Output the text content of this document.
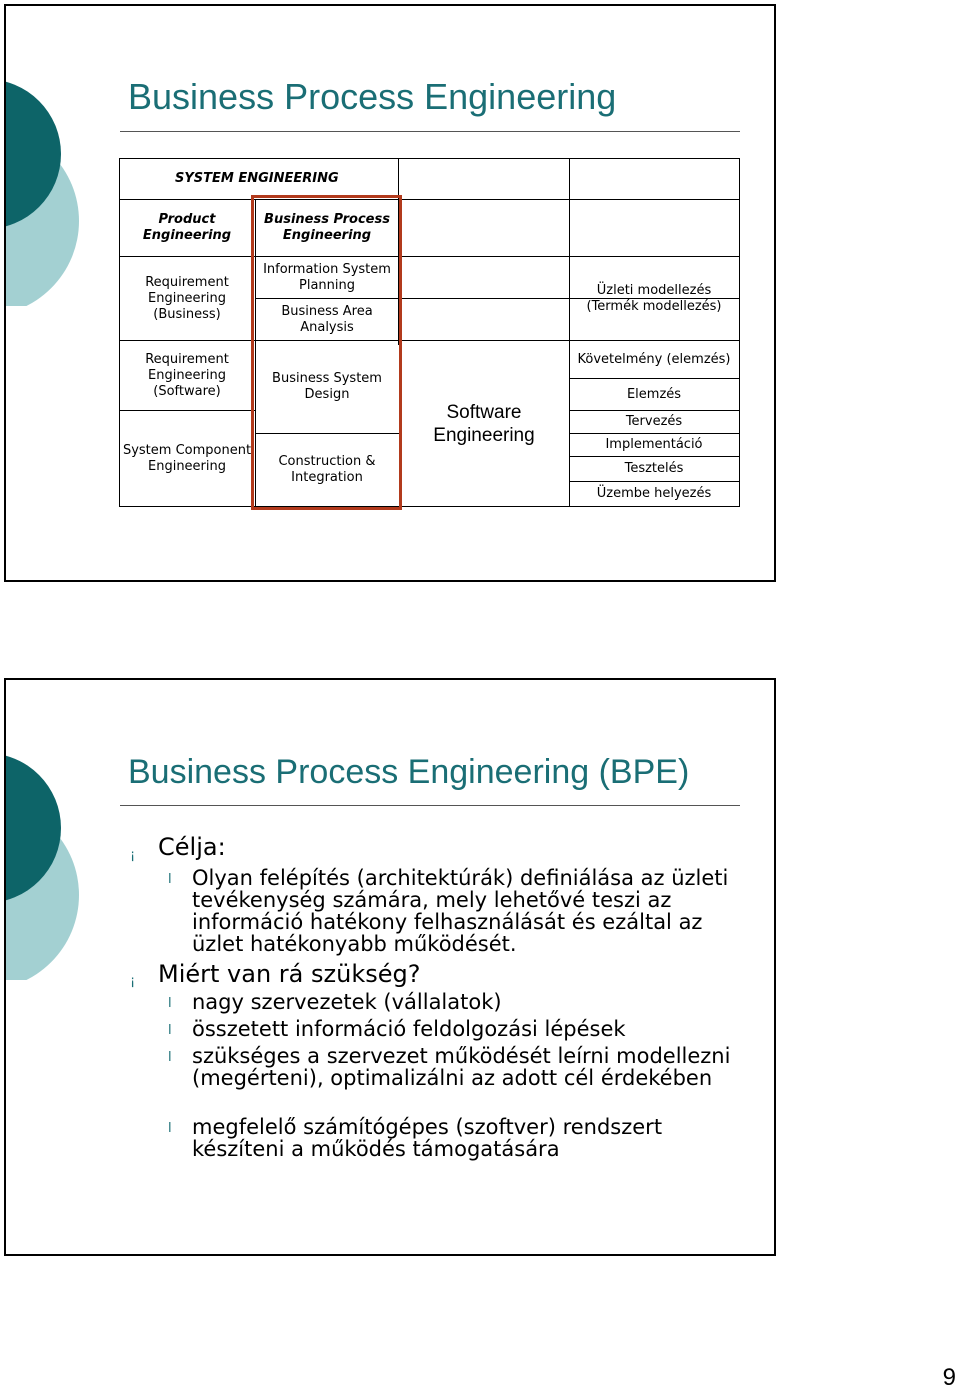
Business Process Engineering
SYSTEM ENGINEERING
Product Engineering
Business Process Engineering
Requirement Engineering (Business)
Information System Planning
Business Area Analysis
Üzleti modellezés (Termék modellezés)
Requirement Engineering (Software)
System Component Engineering
Business System Design
Construction & Integration
Software Engineering
Követelmény (elemzés)
Elemzés
Tervezés
Implementáció
Tesztelés
Üzembe helyezés
Business Process Engineering (BPE)
¡ Célja:
l Olyan felépítés (architektúrák) definiálása az üzleti tevékenység számára, mely lehetővé teszi az információ hatékony felhasználását és ezáltal az üzlet hatékonyabb működését.
¡ Miért van rá szükség?
l nagy szervezetek (vállalatok)
l összetett információ feldolgozási lépések
l szükséges a szervezet működését leírni modellezni (megérteni), optimalizálni az adott cél érdekében
l megfelelő számítógépes (szoftver) rendszert készíteni a működés támogatására
9
